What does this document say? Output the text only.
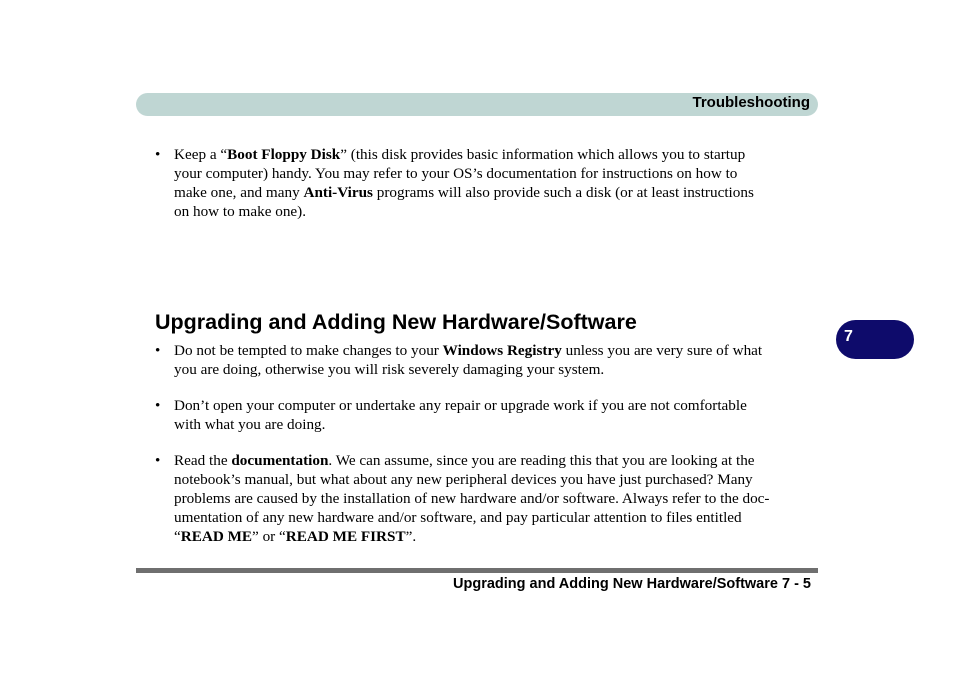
Troubleshooting
7
• Keep a “Boot Floppy Disk” (this disk provides basic information which allows you to startup
your computer) handy. You may refer to your OS’s documentation for instructions on how to
make one, and many Anti-Virus programs will also provide such a disk (or at least instructions
on how to make one).
Upgrading and Adding New Hardware/Software
• Do not be tempted to make changes to your Windows Registry unless you are very sure of what
you are doing, otherwise you will risk severely damaging your system.
• Don’t open your computer or undertake any repair or upgrade work if you are not comfortable
with what you are doing.
• Read the documentation. We can assume, since you are reading this that you are looking at the
notebook’s manual, but what about any new peripheral devices you have just purchased? Many
problems are caused by the installation of new hardware and/or software. Always refer to the doc-
umentation of any new hardware and/or software, and pay particular attention to files entitled
“READ ME” or “READ ME FIRST”.
Upgrading and Adding New Hardware/Software 7 - 5
